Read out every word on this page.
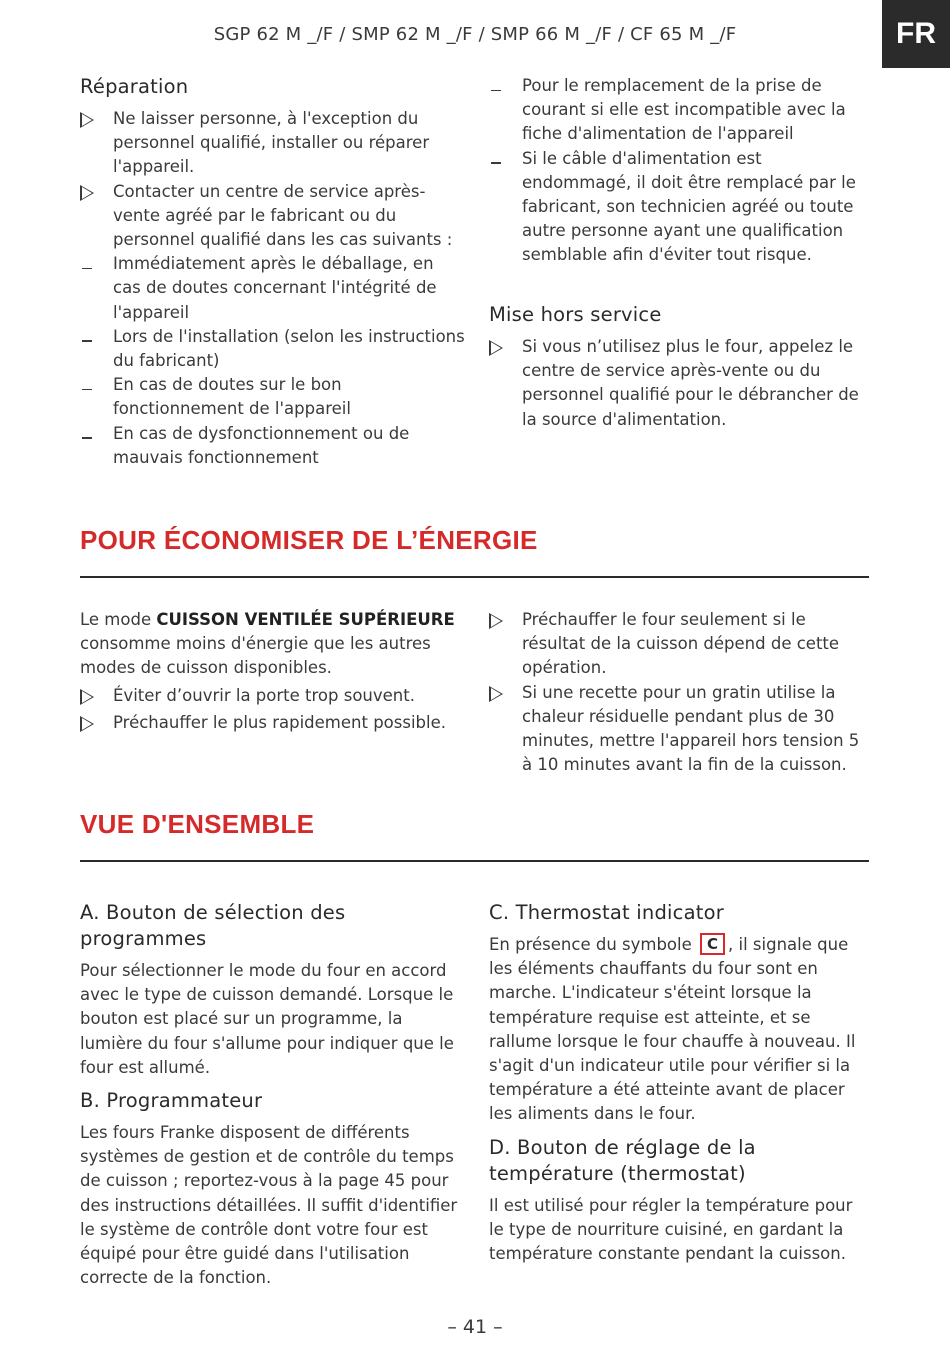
SGP 62 M _/F / SMP 62 M _/F / SMP 66 M _/F / CF 65 M _/F	FR
Réparation
Ne laisser personne, à l'exception du personnel qualifié, installer ou réparer l'appareil.
Contacter un centre de service après-vente agréé par le fabricant ou du personnel qualifié dans les cas suivants :
Immédiatement après le déballage, en cas de doutes concernant l'intégrité de l'appareil
Lors de l'installation (selon les instructions du fabricant)
En cas de doutes sur le bon fonctionnement de l'appareil
En cas de dysfonctionnement ou de mauvais fonctionnement
Pour le remplacement de la prise de courant si elle est incompatible avec la fiche d'alimentation de l'appareil
Si le câble d'alimentation est endommagé, il doit être remplacé par le fabricant, son technicien agréé ou toute autre personne ayant une qualification semblable afin d'éviter tout risque.
Mise hors service
Si vous n’utilisez plus le four, appelez le centre de service après-vente ou du personnel qualifié pour le débrancher de la source d'alimentation.
POUR ÉCONOMISER DE L’ÉNERGIE

Le mode CUISSON VENTILÉE SUPÉRIEURE consomme moins d'énergie que les autres modes de cuisson disponibles.

Éviter d’ouvrir la porte trop souvent.
Préchauffer le plus rapidement possible.
Préchauffer le four seulement si le résultat de la cuisson dépend de cette opération.
Si une recette pour un gratin utilise la chaleur résiduelle pendant plus de 30 minutes, mettre l'appareil hors tension 5 à 10 minutes avant la fin de la cuisson.
VUE D'ENSEMBLE
A. Bouton de sélection des programmes

Pour sélectionner le mode du four en accord avec le type de cuisson demandé. Lorsque le bouton est placé sur un programme, la lumière du four s'allume pour indiquer que le four est allumé.

B. Programmateur

Les fours Franke disposent de différents systèmes de gestion et de contrôle du temps de cuisson ; reportez-vous à la page 45 pour des instructions détaillées. Il suffit d'identifier le système de contrôle dont votre four est équipé pour être guidé dans l'utilisation correcte de la fonction.

C. Thermostat indicator

En présence du symbole C , il signale que les éléments chauffants du four sont en marche. L'indicateur s'éteint lorsque la température requise est atteinte, et se rallume lorsque le four chauffe à nouveau. Il s'agit d'un indicateur utile pour vérifier si la température a été atteinte avant de placer les aliments dans le four.

D. Bouton de réglage de la température (thermostat)

Il est utilisé pour régler la température pour le type de nourriture cuisiné, en gardant la température constante pendant la cuisson.

– 41 –
